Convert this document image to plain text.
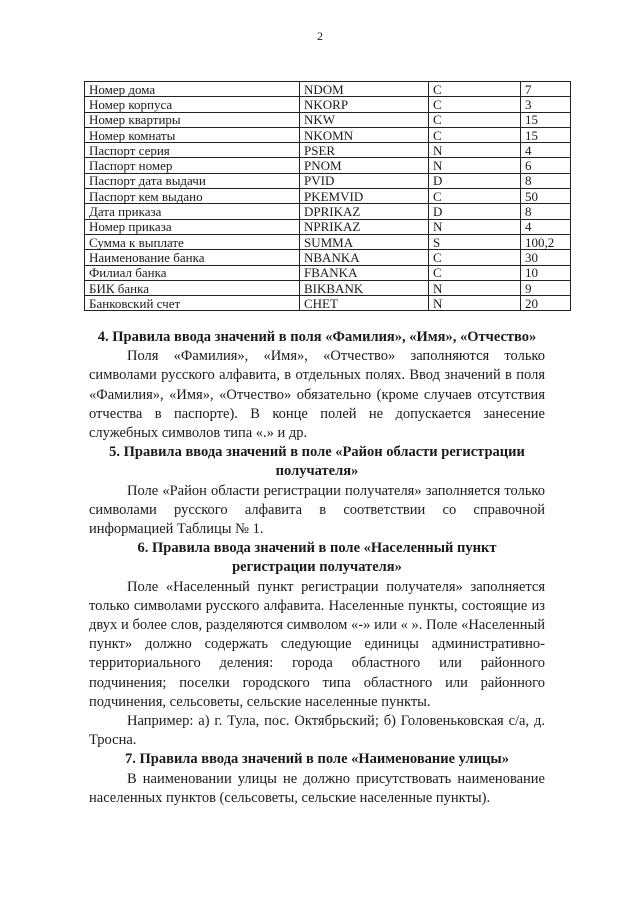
2
Номер дома	NDOM	C	7
Номер корпуса	NKORP	C	3
Номер квартиры	NKW	C	15
Номер комнаты	NKOMN	C	15
Паспорт серия	PSER	N	4
Паспорт номер	PNOM	N	6
Паспорт дата выдачи	PVID	D	8
Паспорт кем выдано	PKEMVID	C	50
Дата приказа	DPRIKAZ	D	8
Номер приказа	NPRIKAZ	N	4
Сумма к выплате	SUMMA	S	100,2
Наименование банка	NBANKA	C	30
Филиал банка	FBANKA	C	10
БИК банка	BIKBANK	N	9
Банковский счет	CHET	N	20
4. Правила ввода значений в поля «Фамилия», «Имя», «Отчество»

Поля «Фамилия», «Имя», «Отчество» заполняются только символами русского алфавита, в отдельных полях. Ввод значений в поля «Фамилия», «Имя», «Отчество» обязательно (кроме случаев отсутствия отчества в паспорте). В конце полей не допускается занесение служебных символов типа «.» и др.

5. Правила ввода значений в поле «Район области регистрации получателя»

Поле «Район области регистрации получателя» заполняется только символами русского алфавита в соответствии со справочной информацией Таблицы № 1.

6. Правила ввода значений в поле «Населенный пункт регистрации получателя»

Поле «Населенный пункт регистрации получателя» заполняется только символами русского алфавита. Населенные пункты, состоящие из двух и более слов, разделяются символом «-» или « ». Поле «Населенный пункт» должно содержать следующие единицы административно-территориального деления: города областного или районного подчинения; поселки городского типа областного или районного подчинения, сельсоветы, сельские населенные пункты.

Например: а) г. Тула, пос. Октябрьский; б) Головеньковская с/а, д. Тросна.

7. Правила ввода значений в поле «Наименование улицы»

В наименовании улицы не должно присутствовать наименование населенных пунктов (сельсоветы, сельские населенные пункты).
